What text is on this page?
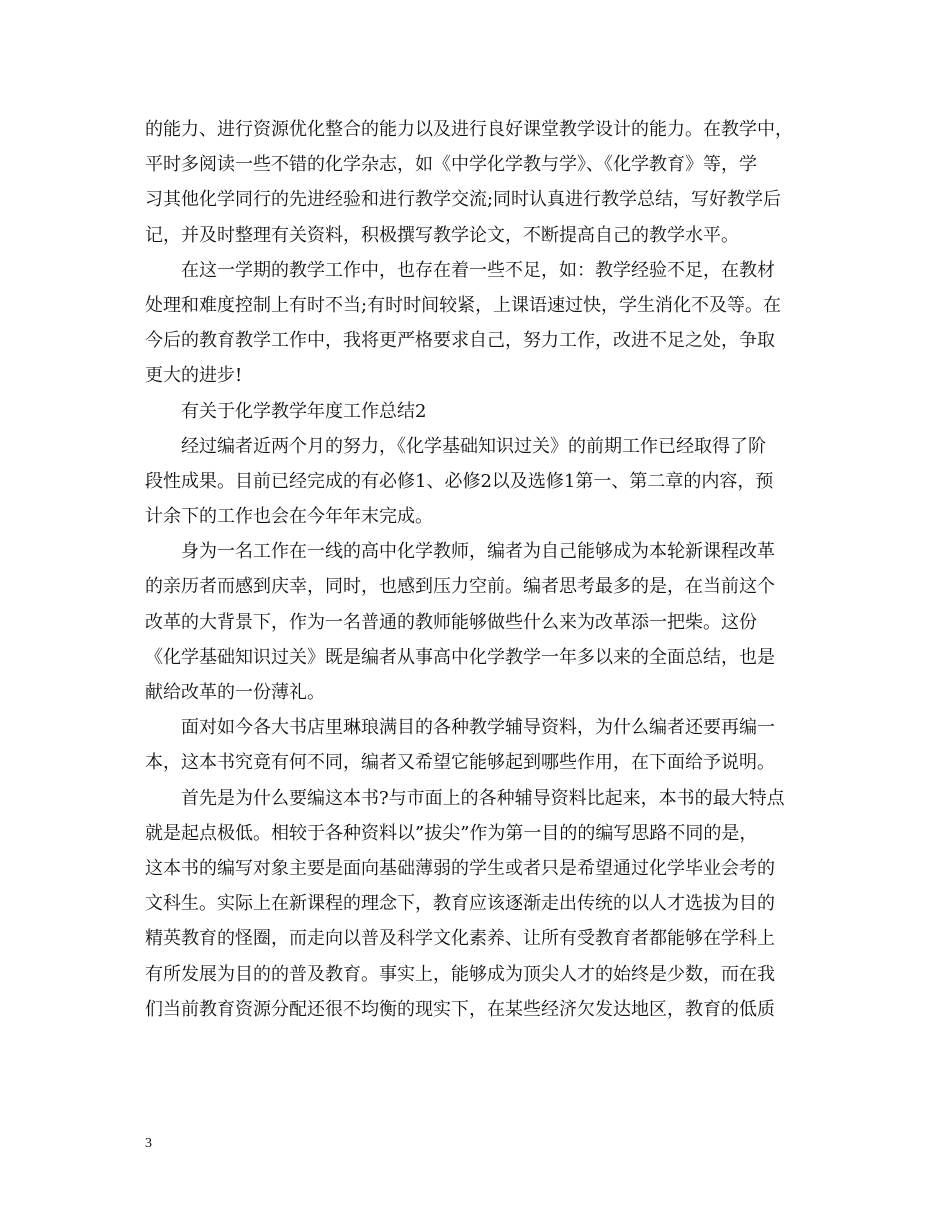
的能力、进行资源优化整合的能力以及进行良好课堂教学设计的能力。在教学中，
平时多阅读一些不错的化学杂志，如《中学化学教与学》、《化学教育》等，学
习其他化学同行的先进经验和进行教学交流;同时认真进行教学总结，写好教学后
记，并及时整理有关资料，积极撰写教学论文，不断提高自己的教学水平。
在这一学期的教学工作中，也存在着一些不足，如：教学经验不足，在教材
处理和难度控制上有时不当;有时时间较紧，上课语速过快，学生消化不及等。在
今后的教育教学工作中，我将更严格要求自己，努力工作，改进不足之处，争取
更大的进步!
有关于化学教学年度工作总结2
经过编者近两个月的努力，《化学基础知识过关》的前期工作已经取得了阶
段性成果。目前已经完成的有必修1、必修2以及选修1第一、第二章的内容，预
计余下的工作也会在今年年末完成。
身为一名工作在一线的高中化学教师，编者为自己能够成为本轮新课程改革
的亲历者而感到庆幸，同时，也感到压力空前。编者思考最多的是，在当前这个
改革的大背景下，作为一名普通的教师能够做些什么来为改革添一把柴。这份
《化学基础知识过关》既是编者从事高中化学教学一年多以来的全面总结，也是
献给改革的一份薄礼。
面对如今各大书店里琳琅满目的各种教学辅导资料，为什么编者还要再编一
本，这本书究竟有何不同，编者又希望它能够起到哪些作用，在下面给予说明。
首先是为什么要编这本书?与市面上的各种辅导资料比起来，本书的最大特点
就是起点极低。相较于各种资料以”拔尖”作为第一目的的编写思路不同的是，
这本书的编写对象主要是面向基础薄弱的学生或者只是希望通过化学毕业会考的
文科生。实际上在新课程的理念下，教育应该逐渐走出传统的以人才选拔为目的
精英教育的怪圈，而走向以普及科学文化素养、让所有受教育者都能够在学科上
有所发展为目的的普及教育。事实上，能够成为顶尖人才的始终是少数，而在我
们当前教育资源分配还很不均衡的现实下，在某些经济欠发达地区，教育的低质
3
